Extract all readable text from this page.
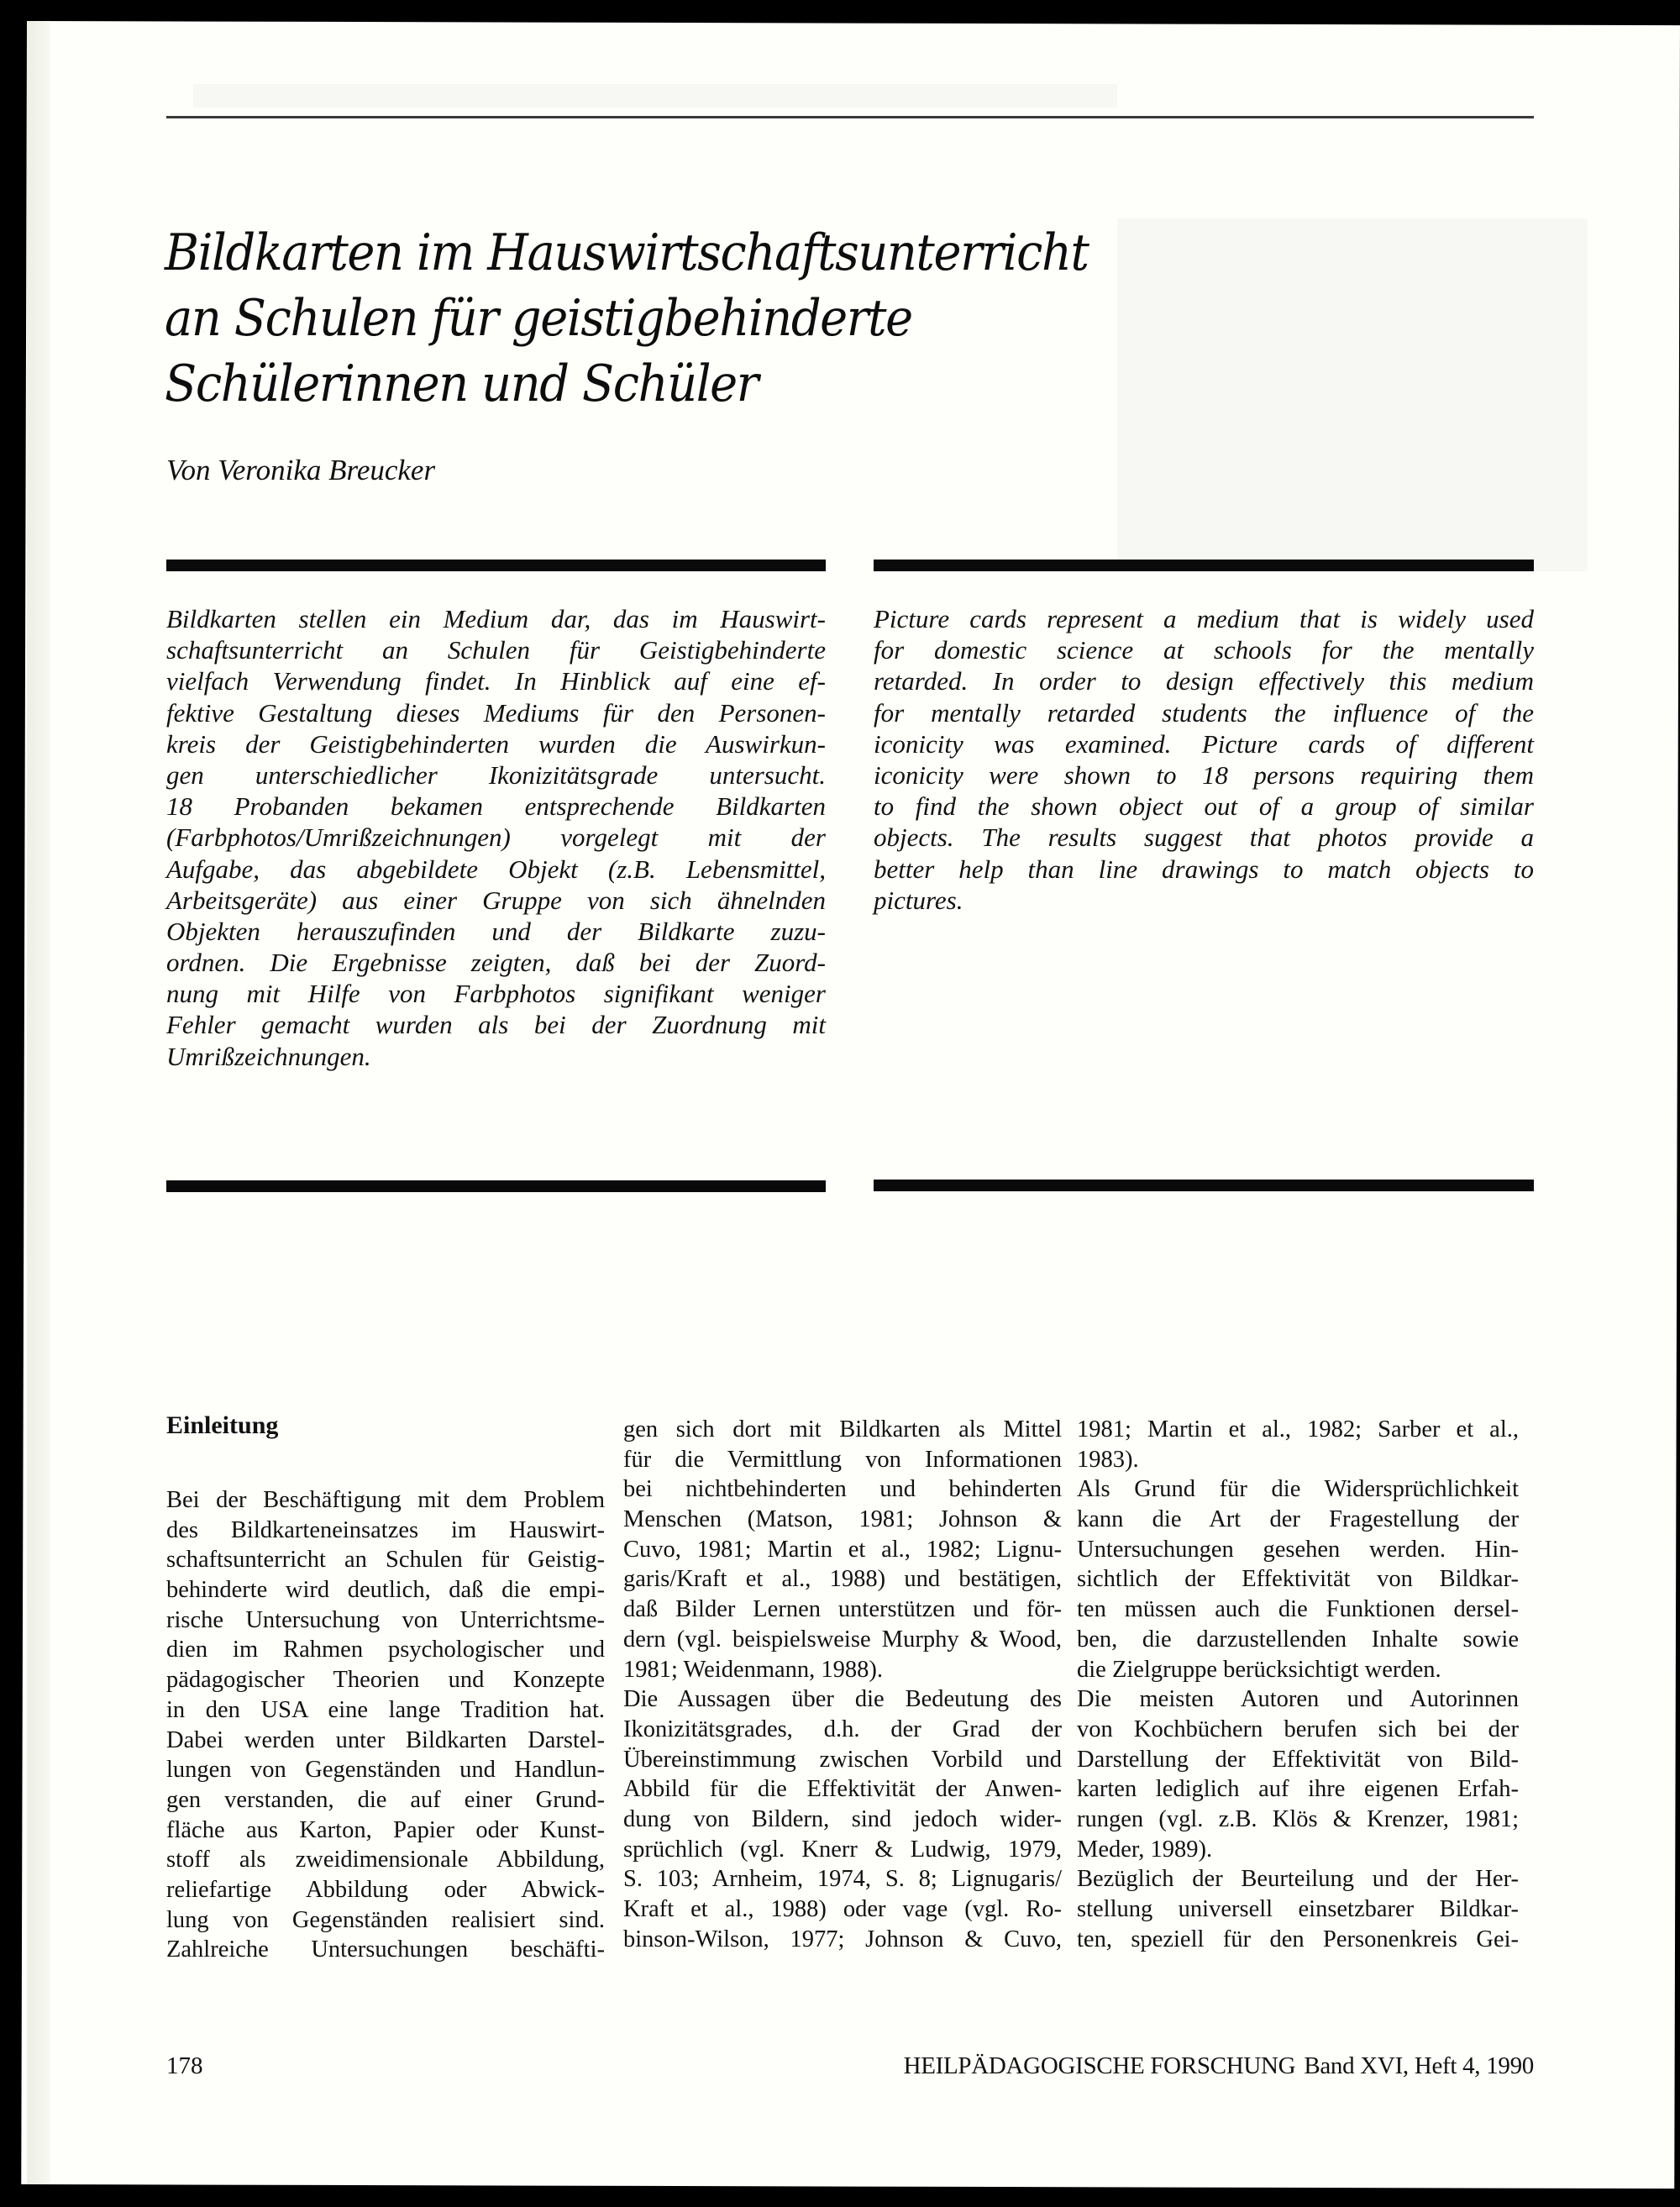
Bildkarten im Hauswirtschaftsunterricht
an Schulen für geistigbehinderte
Schülerinnen und Schüler
Von Veronika Breucker
Bildkarten stellen ein Medium dar, das im Hauswirt-
schaftsunterricht an Schulen für Geistigbehinderte
vielfach Verwendung findet. In Hinblick auf eine ef-
fektive Gestaltung dieses Mediums für den Personen-
kreis der Geistigbehinderten wurden die Auswirkun-
gen unterschiedlicher Ikonizitätsgrade untersucht.
18 Probanden bekamen entsprechende Bildkarten
(Farbphotos/Umrißzeichnungen) vorgelegt mit der
Aufgabe, das abgebildete Objekt (z.B. Lebensmittel,
Arbeitsgeräte) aus einer Gruppe von sich ähnelnden
Objekten herauszufinden und der Bildkarte zuzu-
ordnen. Die Ergebnisse zeigten, daß bei der Zuord-
nung mit Hilfe von Farbphotos signifikant weniger
Fehler gemacht wurden als bei der Zuordnung mit
Umrißzeichnungen.
Picture cards represent a medium that is widely used
for domestic science at schools for the mentally
retarded. In order to design effectively this medium
for mentally retarded students the influence of the
iconicity was examined. Picture cards of different
iconicity were shown to 18 persons requiring them
to find the shown object out of a group of similar
objects. The results suggest that photos provide a
better help than line drawings to match objects to
pictures.
Einleitung
Bei der Beschäftigung mit dem Problem
des Bildkarteneinsatzes im Hauswirt-
schaftsunterricht an Schulen für Geistig-
behinderte wird deutlich, daß die empi-
rische Untersuchung von Unterrichtsme-
dien im Rahmen psychologischer und
pädagogischer Theorien und Konzepte
in den USA eine lange Tradition hat.
Dabei werden unter Bildkarten Darstel-
lungen von Gegenständen und Handlun-
gen verstanden, die auf einer Grund-
fläche aus Karton, Papier oder Kunst-
stoff als zweidimensionale Abbildung,
reliefartige Abbildung oder Abwick-
lung von Gegenständen realisiert sind.
Zahlreiche Untersuchungen beschäfti-
gen sich dort mit Bildkarten als Mittel
für die Vermittlung von Informationen
bei nichtbehinderten und behinderten
Menschen (Matson, 1981; Johnson &
Cuvo, 1981; Martin et al., 1982; Lignu-
garis/Kraft et al., 1988) und bestätigen,
daß Bilder Lernen unterstützen und för-
dern (vgl. beispielsweise Murphy & Wood,
1981; Weidenmann, 1988).
Die Aussagen über die Bedeutung des
Ikonizitätsgrades, d.h. der Grad der
Übereinstimmung zwischen Vorbild und
Abbild für die Effektivität der Anwen-
dung von Bildern, sind jedoch wider-
sprüchlich (vgl. Knerr & Ludwig, 1979,
S. 103; Arnheim, 1974, S. 8; Lignugaris/
Kraft et al., 1988) oder vage (vgl. Ro-
binson-Wilson, 1977; Johnson & Cuvo,
1981; Martin et al., 1982; Sarber et al.,
1983).
Als Grund für die Widersprüchlichkeit
kann die Art der Fragestellung der
Untersuchungen gesehen werden. Hin-
sichtlich der Effektivität von Bildkar-
ten müssen auch die Funktionen dersel-
ben, die darzustellenden Inhalte sowie
die Zielgruppe berücksichtigt werden.
Die meisten Autoren und Autorinnen
von Kochbüchern berufen sich bei der
Darstellung der Effektivität von Bild-
karten lediglich auf ihre eigenen Erfah-
rungen (vgl. z.B. Klös & Krenzer, 1981;
Meder, 1989).
Bezüglich der Beurteilung und der Her-
stellung universell einsetzbarer Bildkar-
ten, speziell für den Personenkreis Gei-
178	HEILPÄDAGOGISCHE FORSCHUNG Band XVI, Heft 4, 1990
